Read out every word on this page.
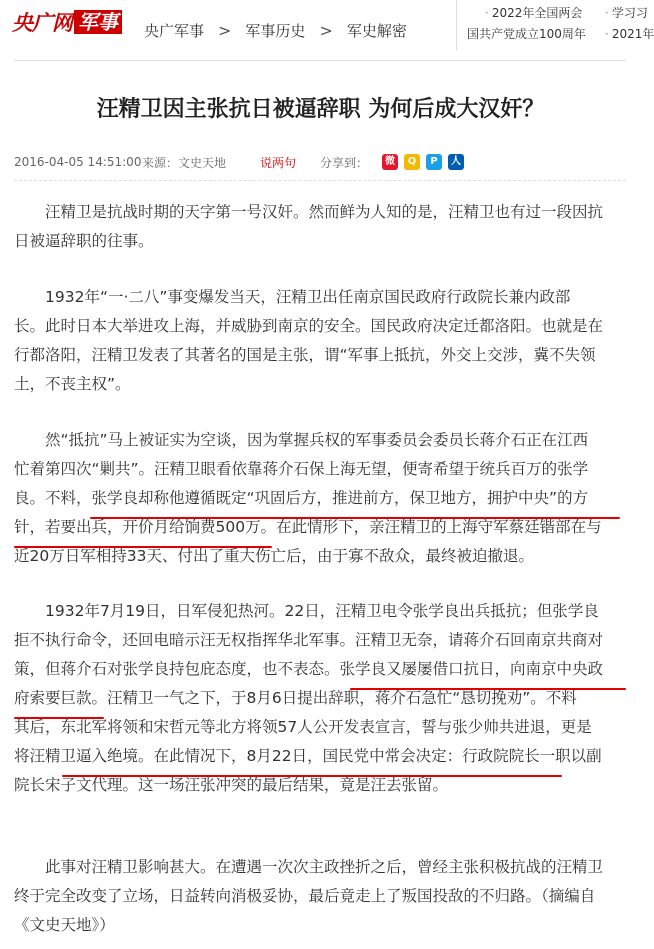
央广网 军事 央广军事 > 军事历史 > 军史解密
· 2022年全国两会 · 学习习
国共产党成立100周年 · 2021年
汪精卫因主张抗日被逼辞职 为何后成大汉奸？
2016-04-05 14:51:00 来源：文史天地	说两句	分享到：	微	Q	P	人

　　汪精卫是抗战时期的天字第一号汉奸。然而鲜为人知的是，汪精卫也有过一段因抗

日被逼辞职的往事。

　　1932年“一·二八”事变爆发当天，汪精卫出任南京国民政府行政院长兼内政部

长。此时日本大举进攻上海，并威胁到南京的安全。国民政府决定迁都洛阳。也就是在

行都洛阳，汪精卫发表了其著名的国是主张，谓“军事上抵抗，外交上交涉，冀不失领

土，不丧主权”。

　　然“抵抗”马上被证实为空谈，因为掌握兵权的军事委员会委员长蒋介石正在江西

忙着第四次“剿共”。汪精卫眼看依靠蒋介石保上海无望，便寄希望于统兵百万的张学

良。不料，张学良却称他遵循既定“巩固后方，推进前方，保卫地方，拥护中央”的方

针，若要出兵，开价月给饷费500万。在此情形下，亲汪精卫的上海守军蔡廷锴部在与

近20万日军相持33天、付出了重大伤亡后，由于寡不敌众，最终被迫撤退。

　　1932年7月19日，日军侵犯热河。22日，汪精卫电令张学良出兵抵抗；但张学良

拒不执行命令，还回电暗示汪无权指挥华北军事。汪精卫无奈，请蒋介石回南京共商对

策，但蒋介石对张学良持包庇态度，也不表态。张学良又屡屡借口抗日，向南京中央政

府索要巨款。汪精卫一气之下，于8月6日提出辞职，蒋介石急忙“恳切挽劝”。不料

其后，东北军将领和宋哲元等北方将领57人公开发表宣言，誓与张少帅共进退，更是

将汪精卫逼入绝境。在此情况下，8月22日，国民党中常会决定：行政院院长一职以副

院长宋子文代理。这一场汪张冲突的最后结果，竟是汪去张留。

　　此事对汪精卫影响甚大。在遭遇一次次主政挫折之后，曾经主张积极抗战的汪精卫

终于完全改变了立场，日益转向消极妥协，最后竟走上了叛国投敌的不归路。（摘编自

《文史天地》）
